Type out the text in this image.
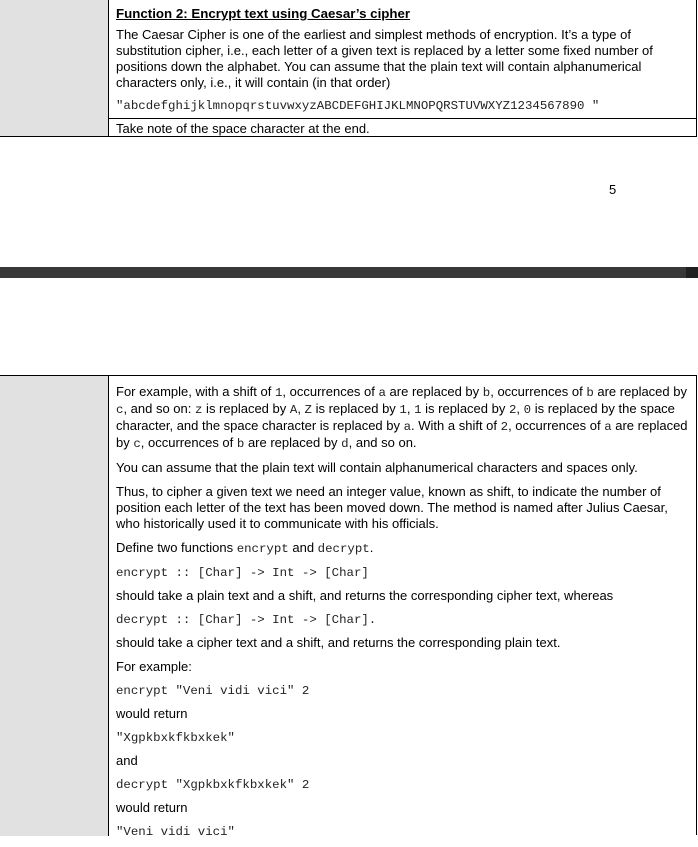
Function 2: Encrypt text using Caesar’s cipher
The Caesar Cipher is one of the earliest and simplest methods of encryption. It’s a type of substitution cipher, i.e., each letter of a given text is replaced by a letter some fixed number of positions down the alphabet. You can assume that the plain text will contain alphanumerical characters only, i.e., it will contain (in that order)
"abcdefghijklmnopqrstuvwxyzABCDEFGHIJKLMNOPQRSTUVWXYZ1234567890 "
Take note of the space character at the end.
5
For example, with a shift of 1, occurrences of a are replaced by b, occurrences of b are replaced by c, and so on: z is replaced by A, Z is replaced by 1, 1 is replaced by 2, 0 is replaced by the space character, and the space character is replaced by a. With a shift of 2, occurrences of a are replaced by c, occurrences of b are replaced by d, and so on.
You can assume that the plain text will contain alphanumerical characters and spaces only.
Thus, to cipher a given text we need an integer value, known as shift, to indicate the number of position each letter of the text has been moved down. The method is named after Julius Caesar, who historically used it to communicate with his officials.
Define two functions encrypt and decrypt.
encrypt :: [Char] -> Int -> [Char]
should take a plain text and a shift, and returns the corresponding cipher text, whereas
decrypt :: [Char] -> Int -> [Char].
should take a cipher text and a shift, and returns the corresponding plain text.
For example:
encrypt "Veni vidi vici" 2
would return
"Xgpkbxkfkbxkek"
and
decrypt "Xgpkbxkfkbxkek" 2
would return
"Veni vidi vici"
